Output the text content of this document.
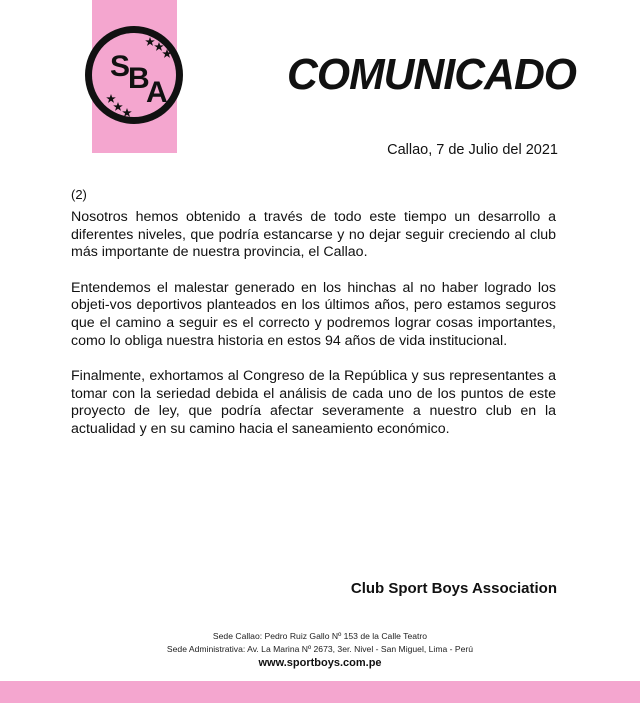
S
B
A	COMUNICADO
Callao, 7 de Julio del 2021
(2)

Nosotros hemos obtenido a través de todo este tiempo un desarrollo a diferentes niveles, que podría estancarse y no dejar seguir creciendo al club más importante de nuestra provincia, el Callao.

Entendemos el malestar generado en los hinchas al no haber logrado los objeti-vos deportivos planteados en los últimos años, pero estamos seguros que el camino a seguir es el correcto y podremos lograr cosas importantes, como lo obliga nuestra historia en estos 94 años de vida institucional.

Finalmente, exhortamos al Congreso de la República y sus representantes a tomar con la seriedad debida el análisis de cada uno de los puntos de este proyecto de ley, que podría afectar severamente a nuestro club en la actualidad y en su camino hacia el saneamiento económico.

Club Sport Boys Association
Sede Callao: Pedro Ruiz Gallo Nº 153 de la Calle Teatro
Sede Administrativa: Av. La Marina Nº 2673, 3er. Nivel - San Miguel, Lima - Perú
www.sportboys.com.pe
